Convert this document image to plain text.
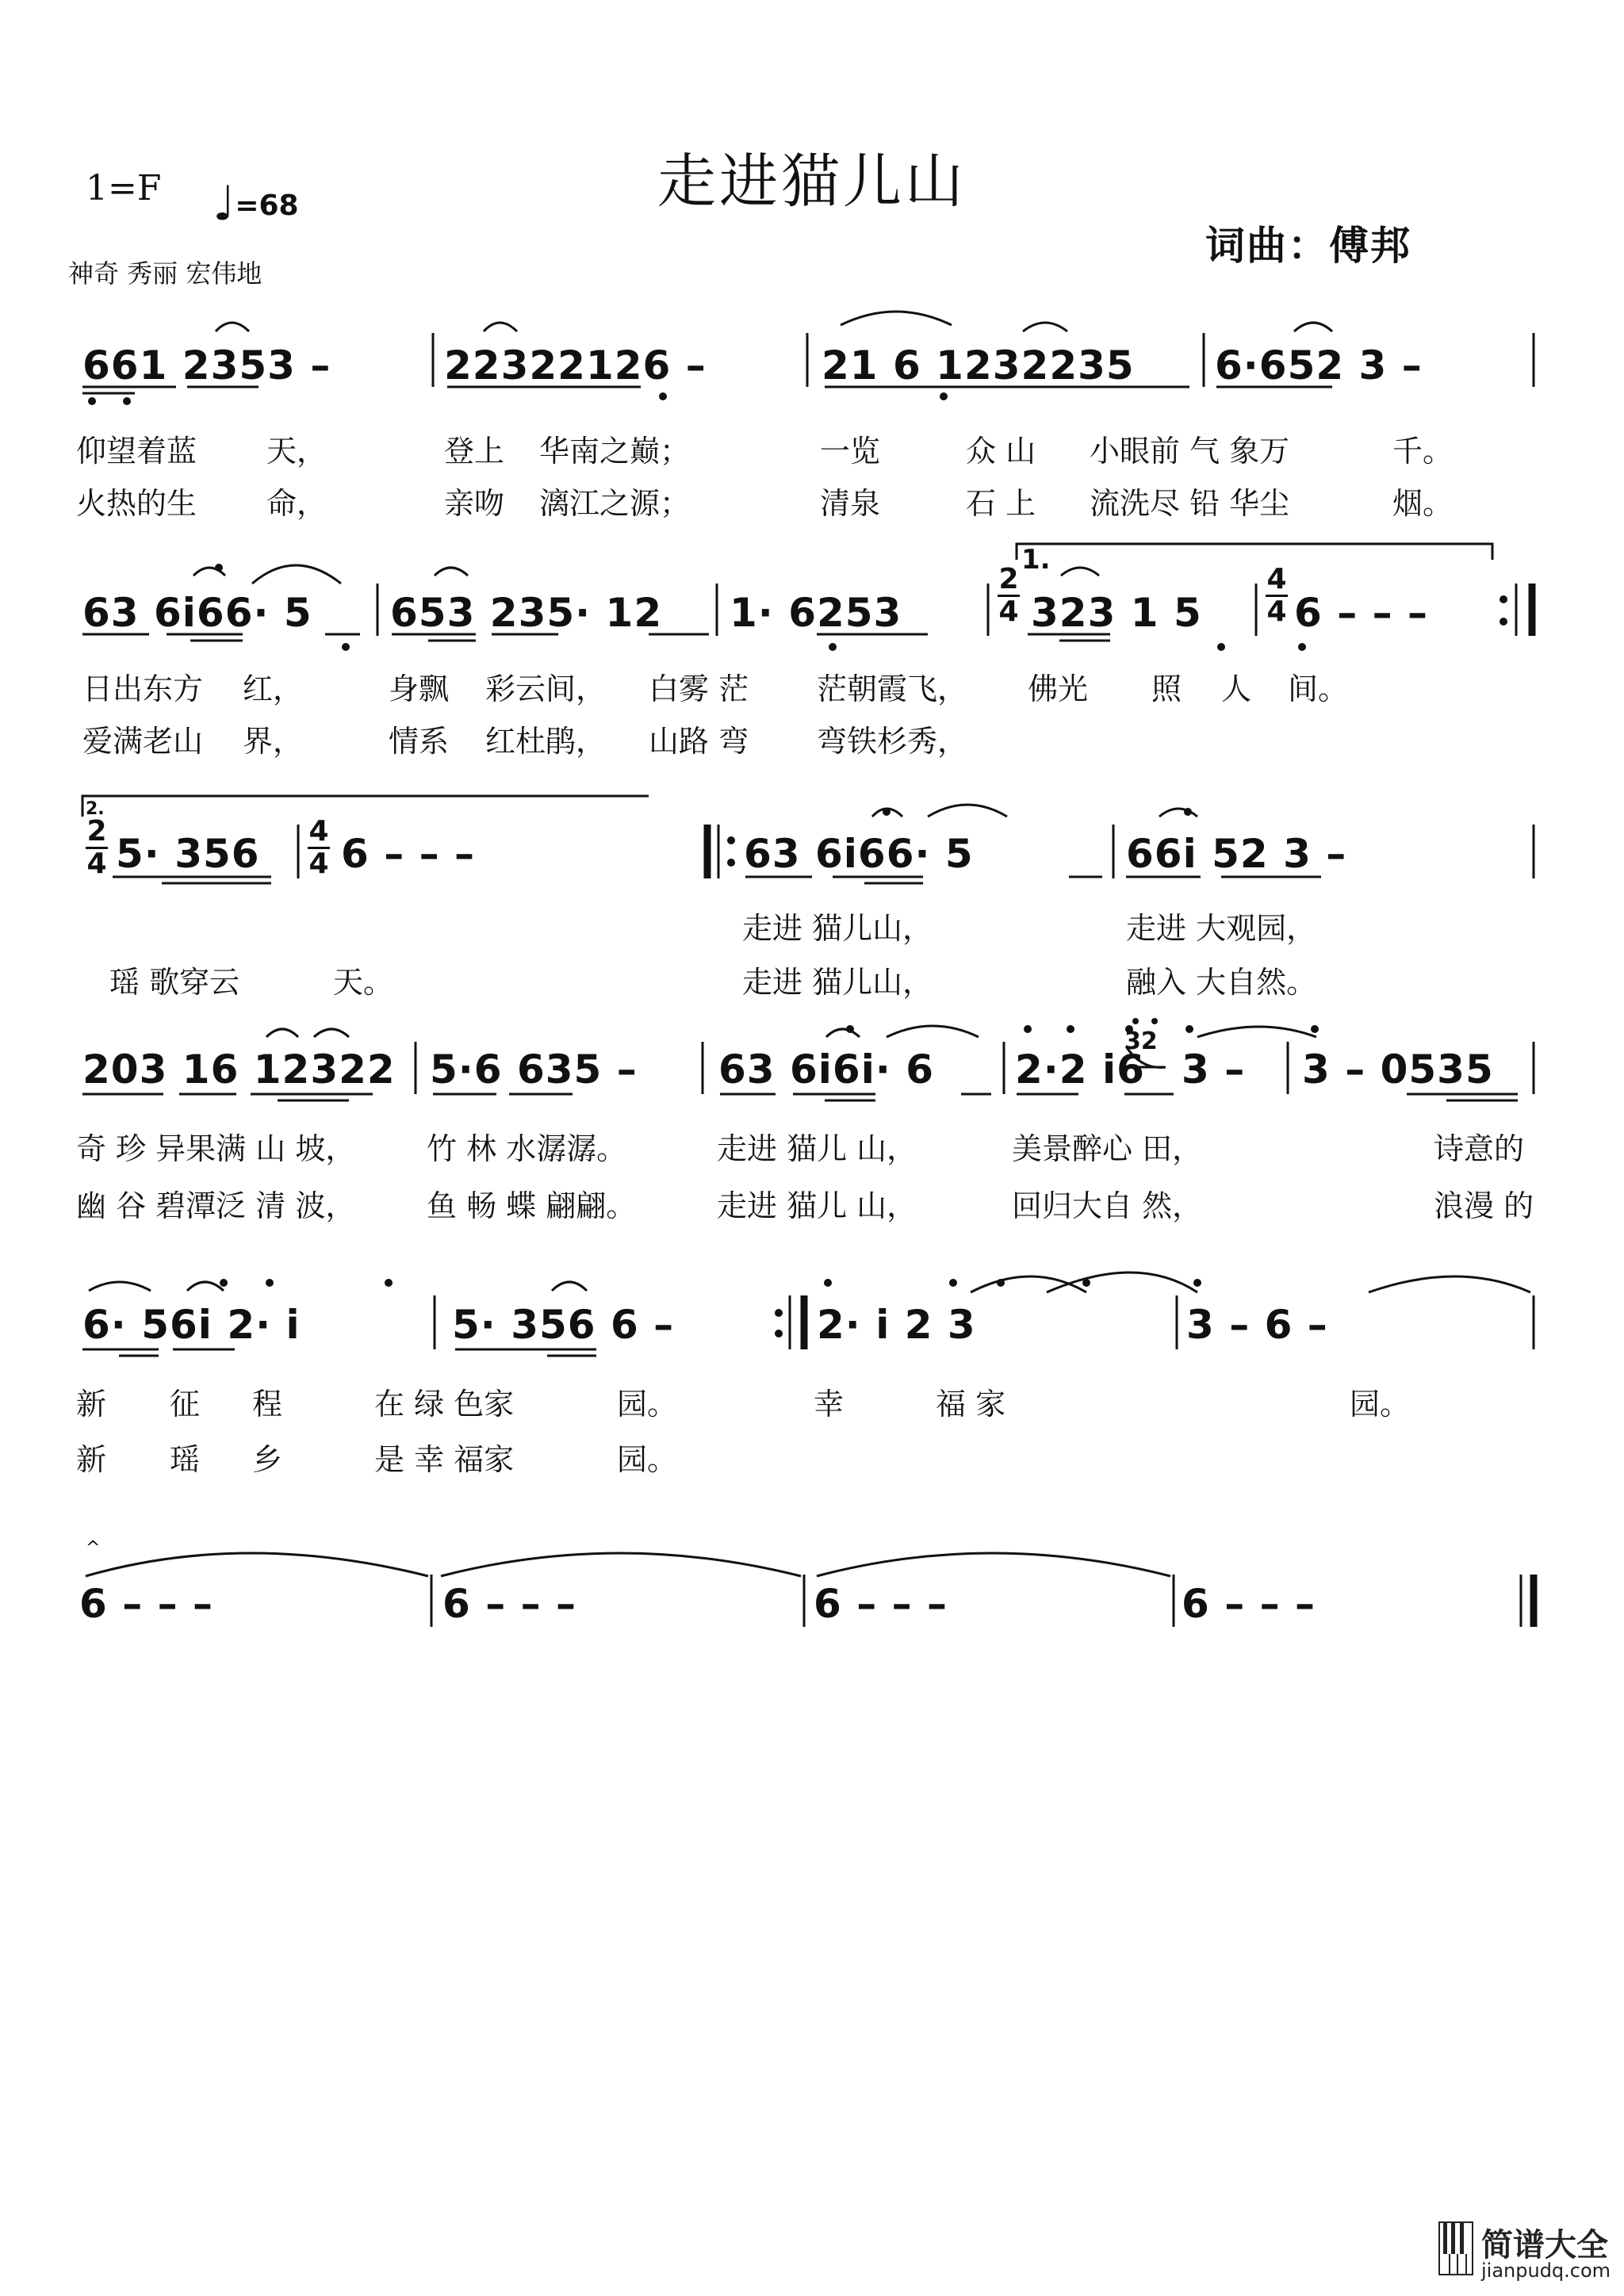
1=F ♩=68	走进猫儿山
词曲：傅邦
神奇 秀丽 宏伟地
661 2353 –	22322126 –	21 6 1232235 6·652 3 –
仰望着蓝 天，	登上 华南之巅；	一览	众 山 小眼前 气 象万	千。
火热的生 命，	亲吻 漓江之源；	清泉	石 上 流洗尽 铅 华尘	烟。
63 6i66· 5 653 235· 12 1· 6253
1.
$\frac{2}{4} 323$ 1 $5 \frac{4}{4} 6$ – – –
日出东方 红，	身飘 彩云间， 白雾 茫 茫朝霞飞， 佛光 照 人 间。
爱满老山 界，	情系 红杜鹃， 山路 弯 弯铁杉秀，
2.
$\frac{2}{4} 5\cdot 356 \frac{4}{4} 6$ – – –	63 6i66· 5	66i 52 3 –
走进 猫儿山，	走进 大观园，
瑶 歌穿云	天。	走进 猫儿山，	融入 大自然。
203 16 12322 5·6 635 – 63 6i6i· 6 2·2 i6
32
3 – 3 – 0535
奇 珍 异果满 山 坡， 竹 林 水潺潺。	走进 猫儿 山，	美景醉心 田，	诗意的
幽 谷 碧潭泛 清 波， 鱼 畅 蝶 翩翩。	走进 猫儿 山，	回归大自 然，	浪漫 的
6· 56i 2· i	5· 356 6 –	2· i 2 3	3 – 6 –
新 征 程	在 绿 色家	园。	幸	福 家	园。
新 瑶 乡	是 幸 福家	园。
^
6 – – –	6 – – –	6 – – –	6 – – –
简谱大全
jianpudq.com
